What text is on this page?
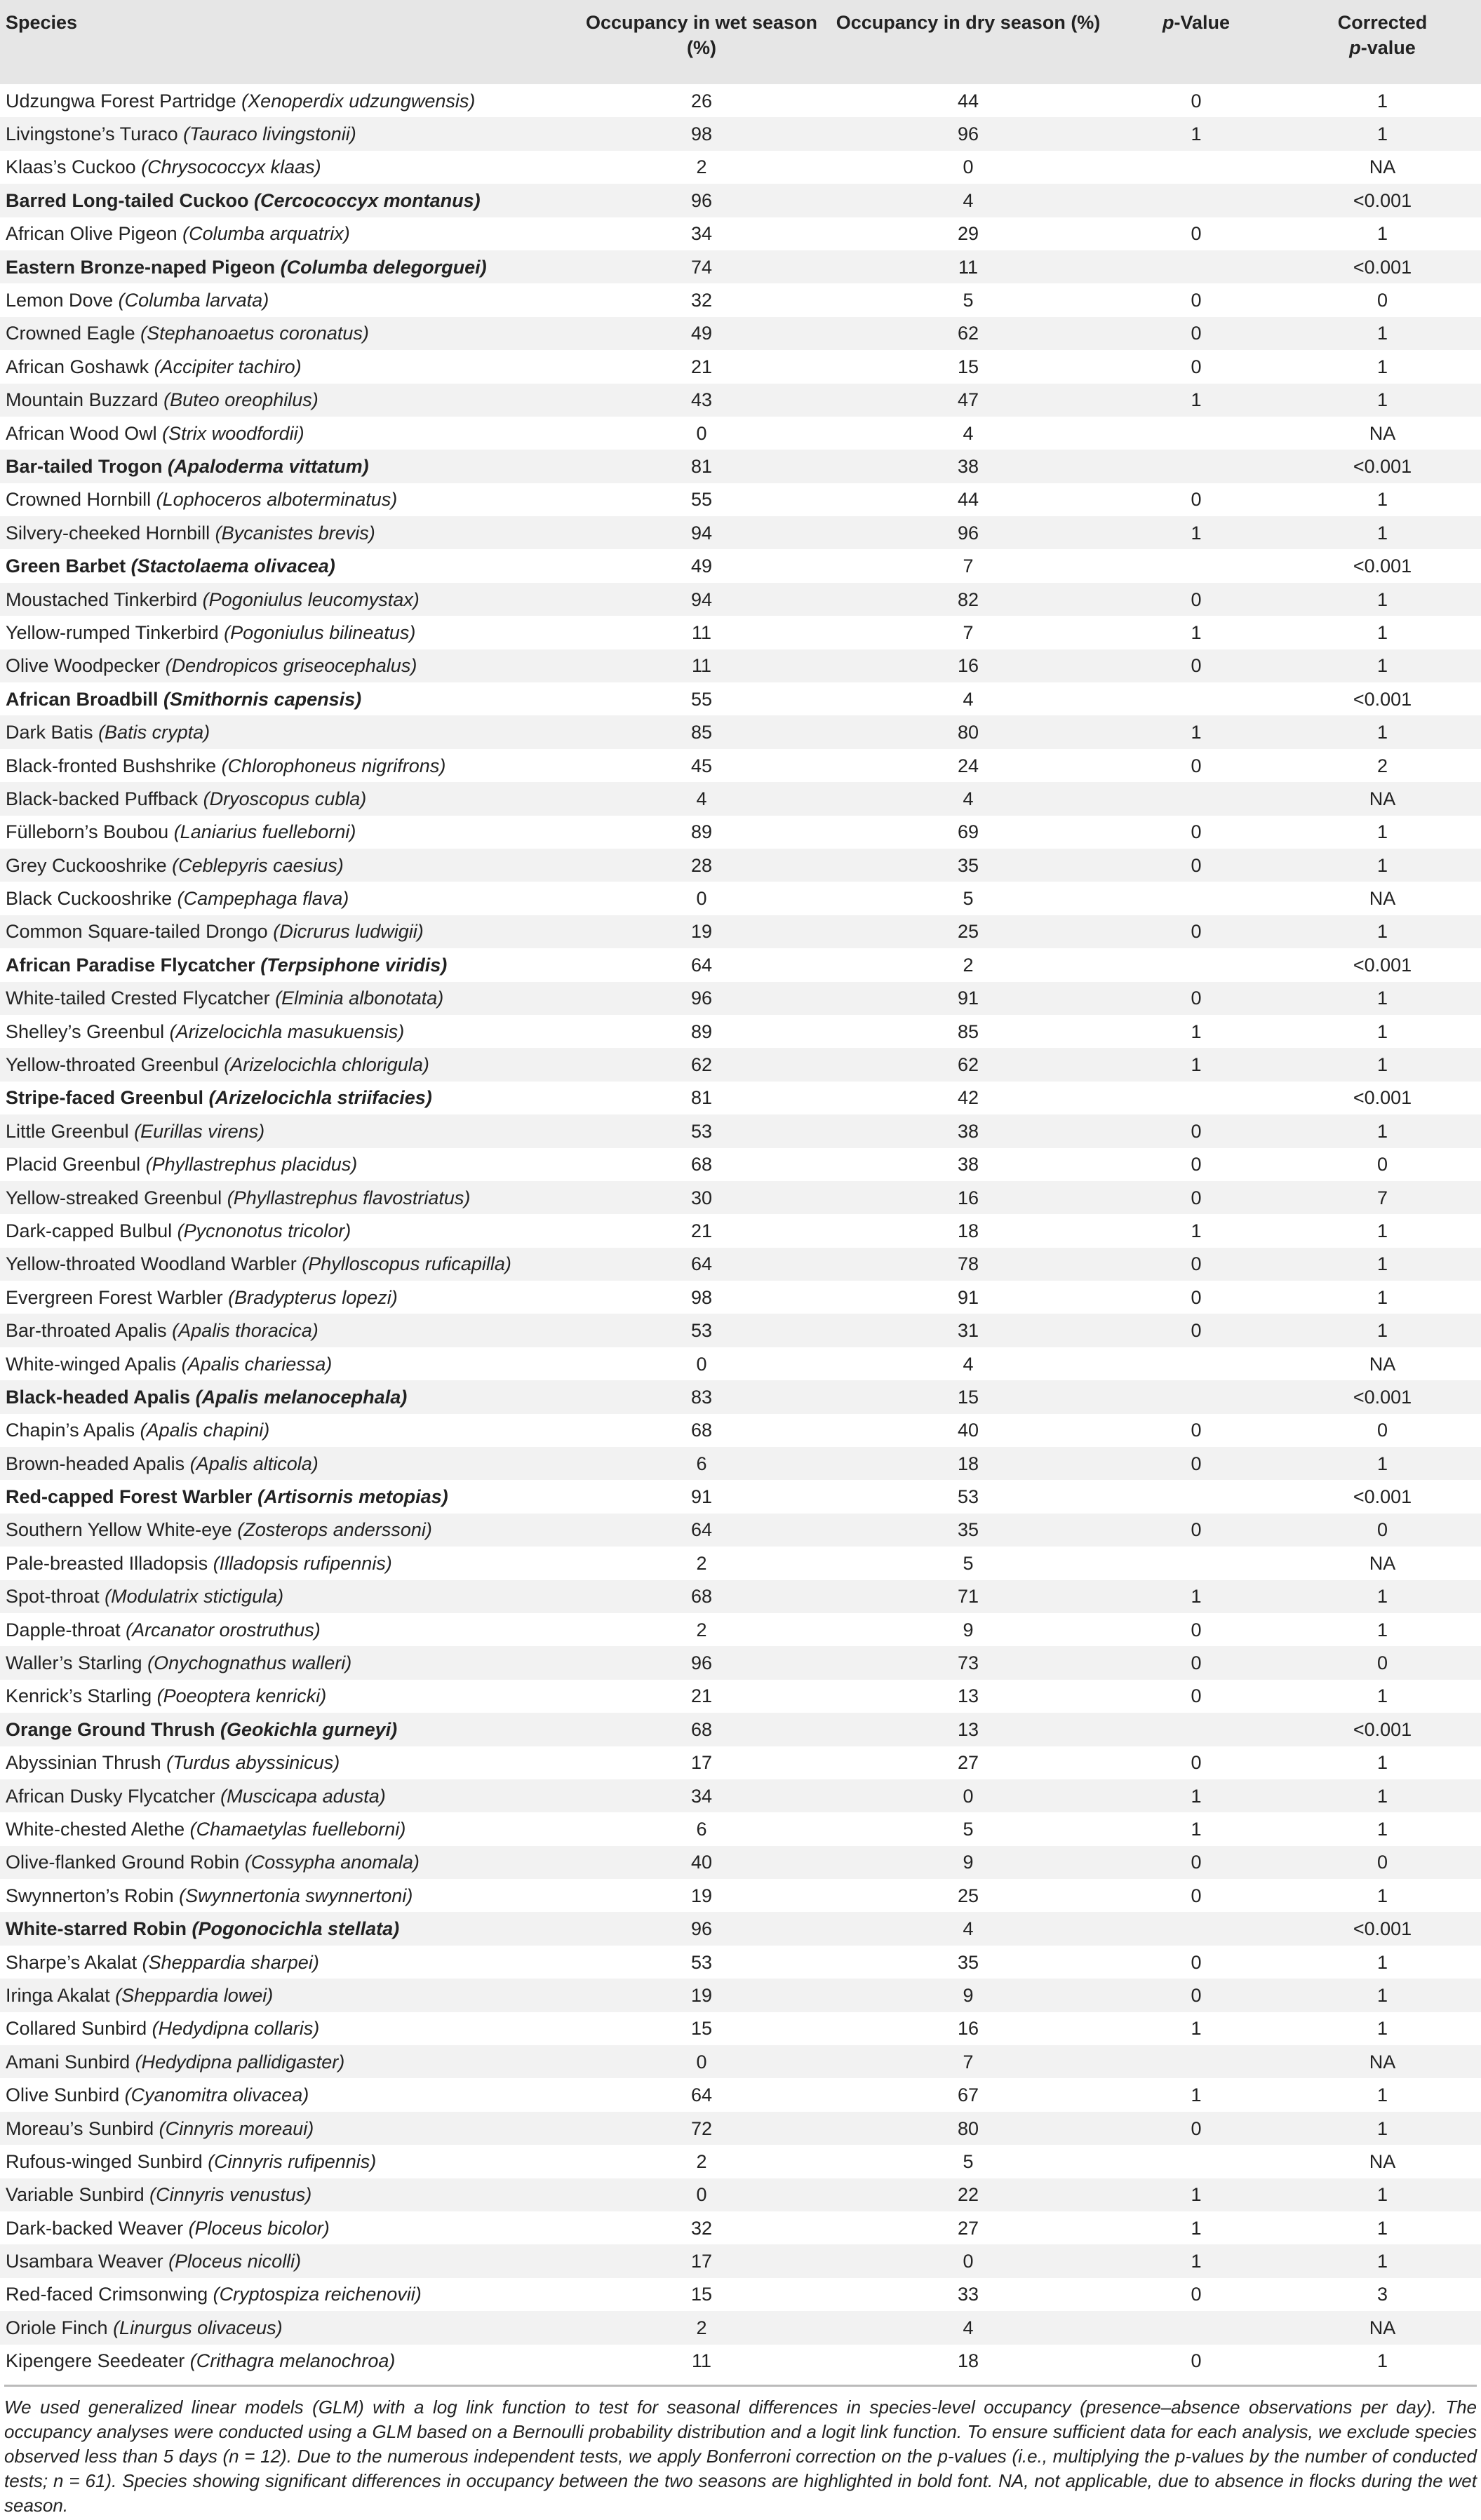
Species	Occupancy in wet season (%)	Occupancy in dry season (%)	p-Value	Corrected
p-value
Udzungwa Forest Partridge (Xenoperdix udzungwensis)	26	44	0	1
Livingstone’s Turaco (Tauraco livingstonii)	98	96	1	1
Klaas’s Cuckoo (Chrysococcyx klaas)	2	0		NA
Barred Long-tailed Cuckoo (Cercococcyx montanus)	96	4		<0.001
African Olive Pigeon (Columba arquatrix)	34	29	0	1
Eastern Bronze-naped Pigeon (Columba delegorguei)	74	11		<0.001
Lemon Dove (Columba larvata)	32	5	0	0
Crowned Eagle (Stephanoaetus coronatus)	49	62	0	1
African Goshawk (Accipiter tachiro)	21	15	0	1
Mountain Buzzard (Buteo oreophilus)	43	47	1	1
African Wood Owl (Strix woodfordii)	0	4		NA
Bar-tailed Trogon (Apaloderma vittatum)	81	38		<0.001
Crowned Hornbill (Lophoceros alboterminatus)	55	44	0	1
Silvery-cheeked Hornbill (Bycanistes brevis)	94	96	1	1
Green Barbet (Stactolaema olivacea)	49	7		<0.001
Moustached Tinkerbird (Pogoniulus leucomystax)	94	82	0	1
Yellow-rumped Tinkerbird (Pogoniulus bilineatus)	11	7	1	1
Olive Woodpecker (Dendropicos griseocephalus)	11	16	0	1
African Broadbill (Smithornis capensis)	55	4		<0.001
Dark Batis (Batis crypta)	85	80	1	1
Black-fronted Bushshrike (Chlorophoneus nigrifrons)	45	24	0	2
Black-backed Puffback (Dryoscopus cubla)	4	4		NA
Fülleborn’s Boubou (Laniarius fuelleborni)	89	69	0	1
Grey Cuckooshrike (Ceblepyris caesius)	28	35	0	1
Black Cuckooshrike (Campephaga flava)	0	5		NA
Common Square-tailed Drongo (Dicrurus ludwigii)	19	25	0	1
African Paradise Flycatcher (Terpsiphone viridis)	64	2		<0.001
White-tailed Crested Flycatcher (Elminia albonotata)	96	91	0	1
Shelley’s Greenbul (Arizelocichla masukuensis)	89	85	1	1
Yellow-throated Greenbul (Arizelocichla chlorigula)	62	62	1	1
Stripe-faced Greenbul (Arizelocichla striifacies)	81	42		<0.001
Little Greenbul (Eurillas virens)	53	38	0	1
Placid Greenbul (Phyllastrephus placidus)	68	38	0	0
Yellow-streaked Greenbul (Phyllastrephus flavostriatus)	30	16	0	7
Dark-capped Bulbul (Pycnonotus tricolor)	21	18	1	1
Yellow-throated Woodland Warbler (Phylloscopus ruficapilla)	64	78	0	1
Evergreen Forest Warbler (Bradypterus lopezi)	98	91	0	1
Bar-throated Apalis (Apalis thoracica)	53	31	0	1
White-winged Apalis (Apalis chariessa)	0	4		NA
Black-headed Apalis (Apalis melanocephala)	83	15		<0.001
Chapin’s Apalis (Apalis chapini)	68	40	0	0
Brown-headed Apalis (Apalis alticola)	6	18	0	1
Red-capped Forest Warbler (Artisornis metopias)	91	53		<0.001
Southern Yellow White-eye (Zosterops anderssoni)	64	35	0	0
Pale-breasted Illadopsis (Illadopsis rufipennis)	2	5		NA
Spot-throat (Modulatrix stictigula)	68	71	1	1
Dapple-throat (Arcanator orostruthus)	2	9	0	1
Waller’s Starling (Onychognathus walleri)	96	73	0	0
Kenrick’s Starling (Poeoptera kenricki)	21	13	0	1
Orange Ground Thrush (Geokichla gurneyi)	68	13		<0.001
Abyssinian Thrush (Turdus abyssinicus)	17	27	0	1
African Dusky Flycatcher (Muscicapa adusta)	34	0	1	1
White-chested Alethe (Chamaetylas fuelleborni)	6	5	1	1
Olive-flanked Ground Robin (Cossypha anomala)	40	9	0	0
Swynnerton’s Robin (Swynnertonia swynnertoni)	19	25	0	1
White-starred Robin (Pogonocichla stellata)	96	4		<0.001
Sharpe’s Akalat (Sheppardia sharpei)	53	35	0	1
Iringa Akalat (Sheppardia lowei)	19	9	0	1
Collared Sunbird (Hedydipna collaris)	15	16	1	1
Amani Sunbird (Hedydipna pallidigaster)	0	7		NA
Olive Sunbird (Cyanomitra olivacea)	64	67	1	1
Moreau’s Sunbird (Cinnyris moreaui)	72	80	0	1
Rufous-winged Sunbird (Cinnyris rufipennis)	2	5		NA
Variable Sunbird (Cinnyris venustus)	0	22	1	1
Dark-backed Weaver (Ploceus bicolor)	32	27	1	1
Usambara Weaver (Ploceus nicolli)	17	0	1	1
Red-faced Crimsonwing (Cryptospiza reichenovii)	15	33	0	3
Oriole Finch (Linurgus olivaceus)	2	4		NA
Kipengere Seedeater (Crithagra melanochroa)	11	18	0	1
We used generalized linear models (GLM) with a log link function to test for seasonal differences in species-level occupancy (presence–absence observations per day). The occupancy analyses were conducted using a GLM based on a Bernoulli probability distribution and a logit link function. To ensure sufficient data for each analysis, we exclude species observed less than 5 days (n = 12). Due to the numerous independent tests, we apply Bonferroni correction on the p-values (i.e., multiplying the p-values by the number of conducted tests; n = 61). Species showing significant differences in occupancy between the two seasons are highlighted in bold font. NA, not applicable, due to absence in flocks during the wet season.
